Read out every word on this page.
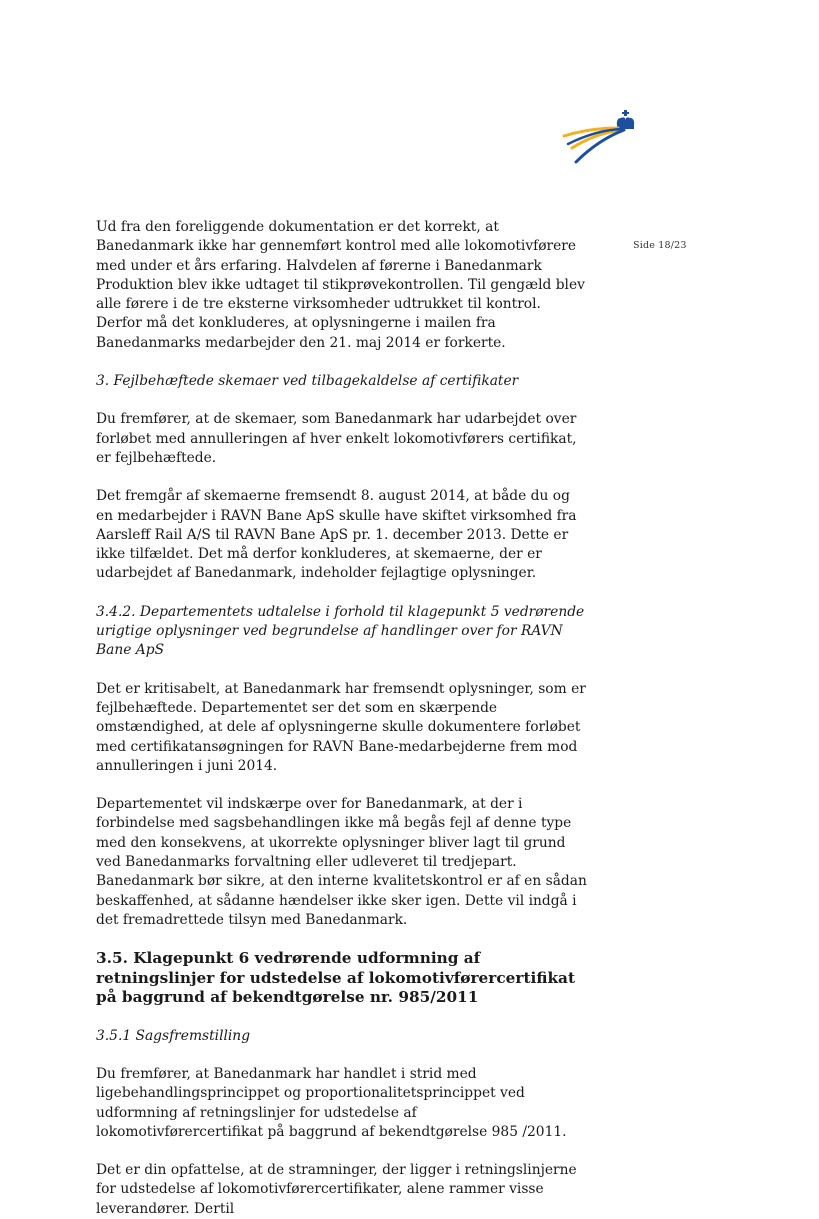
Side 18/23

Ud fra den foreliggende dokumentation er det korrekt, at Banedanmark ikke har gennemført kontrol med alle lokomotivførere med under et års erfaring. Halvdelen af førerne i Banedanmark Produktion blev ikke udtaget til stikprøvekontrollen. Til gengæld blev alle førere i de tre eksterne virksomheder udtrukket til kontrol. Derfor må det konkluderes, at oplysningerne i mailen fra Banedanmarks medarbejder den 21. maj 2014 er forkerte.

3. Fejlbehæftede skemaer ved tilbagekaldelse af certifikater

Du fremfører, at de skemaer, som Banedanmark har udarbejdet over forløbet med annulleringen af hver enkelt lokomotivførers certifikat, er fejlbehæftede.

Det fremgår af skemaerne fremsendt 8. august 2014, at både du og en medarbejder i RAVN Bane ApS skulle have skiftet virksomhed fra Aarsleff Rail A/S til RAVN Bane ApS pr. 1. december 2013. Dette er ikke tilfældet. Det må derfor konkluderes, at skemaerne, der er udarbejdet af Banedanmark, indeholder fejlagtige oplysninger.

3.4.2. Departementets udtalelse i forhold til klagepunkt 5 vedrørende urigtige oplysninger ved begrundelse af handlinger over for RAVN Bane ApS

Det er kritisabelt, at Banedanmark har fremsendt oplysninger, som er fejlbehæftede. Departementet ser det som en skærpende omstændighed, at dele af oplysningerne skulle dokumentere forløbet med certifikatansøgningen for RAVN Bane-medarbejderne frem mod annulleringen i juni 2014.

Departementet vil indskærpe over for Banedanmark, at der i forbindelse med sagsbehandlingen ikke må begås fejl af denne type med den konsekvens, at ukorrekte oplysninger bliver lagt til grund ved Banedanmarks forvaltning eller udleveret til tredjepart. Banedanmark bør sikre, at den interne kvalitetskontrol er af en sådan beskaffenhed, at sådanne hændelser ikke sker igen. Dette vil indgå i det fremadrettede tilsyn med Banedanmark.

3.5. Klagepunkt 6 vedrørende udformning af retningslinjer for udstedelse af lokomotivførercertifikat på baggrund af bekendtgørelse nr. 985/2011

3.5.1 Sagsfremstilling

Du fremfører, at Banedanmark har handlet i strid med ligebehandlingsprincippet og proportionalitetsprincippet ved udformning af retningslinjer for udstedelse af lokomotivførercertifikat på baggrund af bekendtgørelse 985 /2011.

Det er din opfattelse, at de stramninger, der ligger i retningslinjerne for udstedelse af lokomotivførercertifikater, alene rammer visse leverandører. Dertil
